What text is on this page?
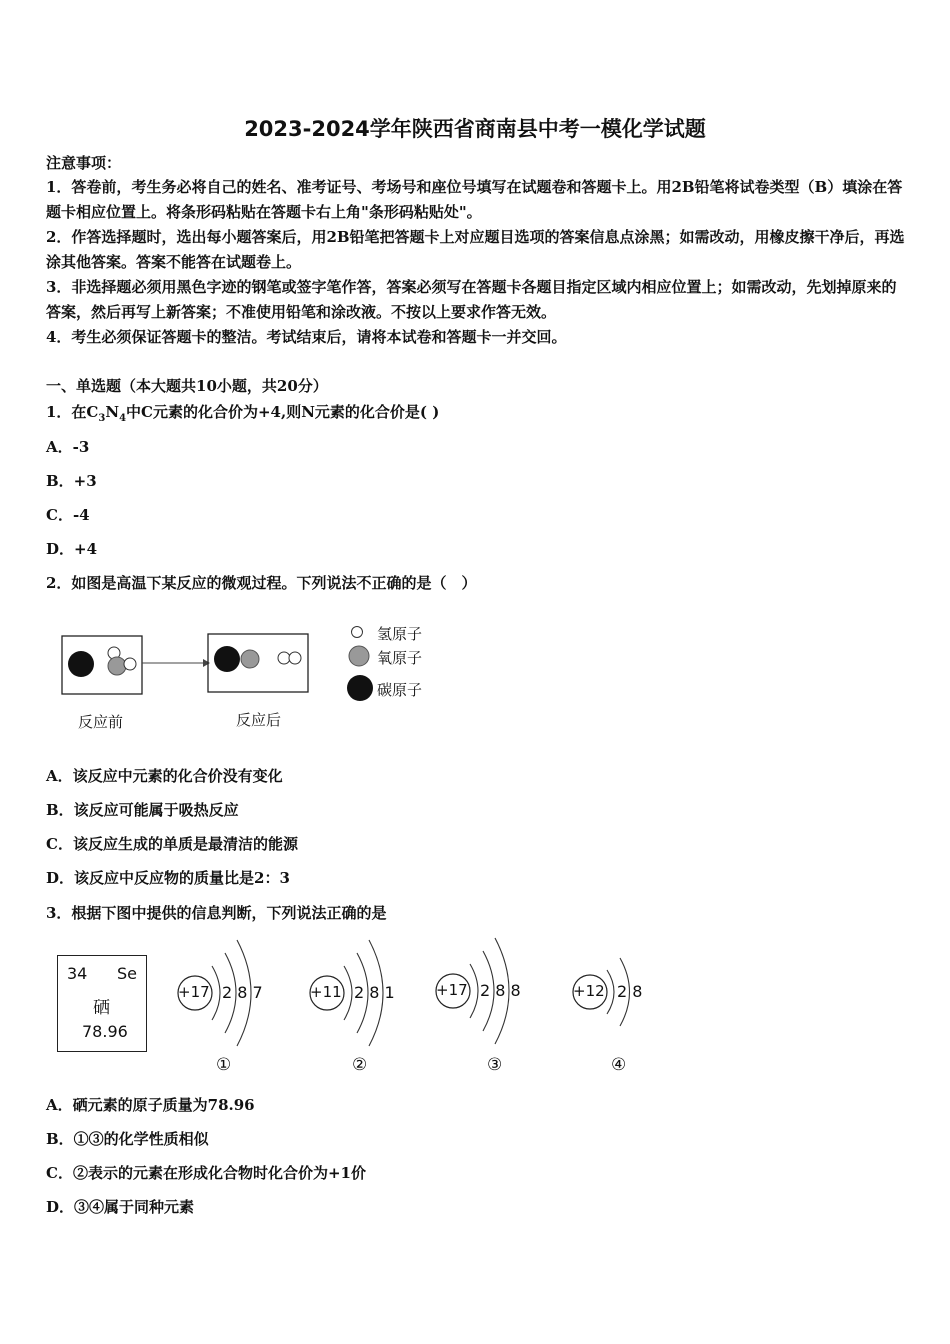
2023-2024学年陕西省商南县中考一模化学试题
注意事项：
1．答卷前，考生务必将自己的姓名、准考证号、考场号和座位号填写在试题卷和答题卡上。用2B铅笔将试卷类型（B）填涂在答题卡相应位置上。将条形码粘贴在答题卡右上角"条形码粘贴处"。
2．作答选择题时，选出每小题答案后，用2B铅笔把答题卡上对应题目选项的答案信息点涂黑；如需改动，用橡皮擦干净后，再选涂其他答案。答案不能答在试题卷上。
3．非选择题必须用黑色字迹的钢笔或签字笔作答，答案必须写在答题卡各题目指定区域内相应位置上；如需改动，先划掉原来的答案，然后再写上新答案；不准使用铅笔和涂改液。不按以上要求作答无效。
4．考生必须保证答题卡的整洁。考试结束后，请将本试卷和答题卡一并交回。
一、单选题（本大题共10小题，共20分）
1．在$C_3N_4$中C元素的化合价为+4,则N元素的化合价是( )
A．-3
B．+3
C．-4
D．+4
2．如图是高温下某反应的微观过程。下列说法不正确的是（　）
反应前	反应后
氢原子
氧原子
碳原子
A．该反应中元素的化合价没有变化
B．该反应可能属于吸热反应
C．该反应生成的单质是最清洁的能源
D．该反应中反应物的质量比是2：3
3．根据下图中提供的信息判断，下列说法正确的是
34 Se
硒
78.96
+17 2 8 7
①
+11 2 8 1
②
+17 2 8 8
③
+12 2 8
④
A．硒元素的原子质量为78.96
B．①③的化学性质相似
C．②表示的元素在形成化合物时化合价为+1价
D．③④属于同种元素
